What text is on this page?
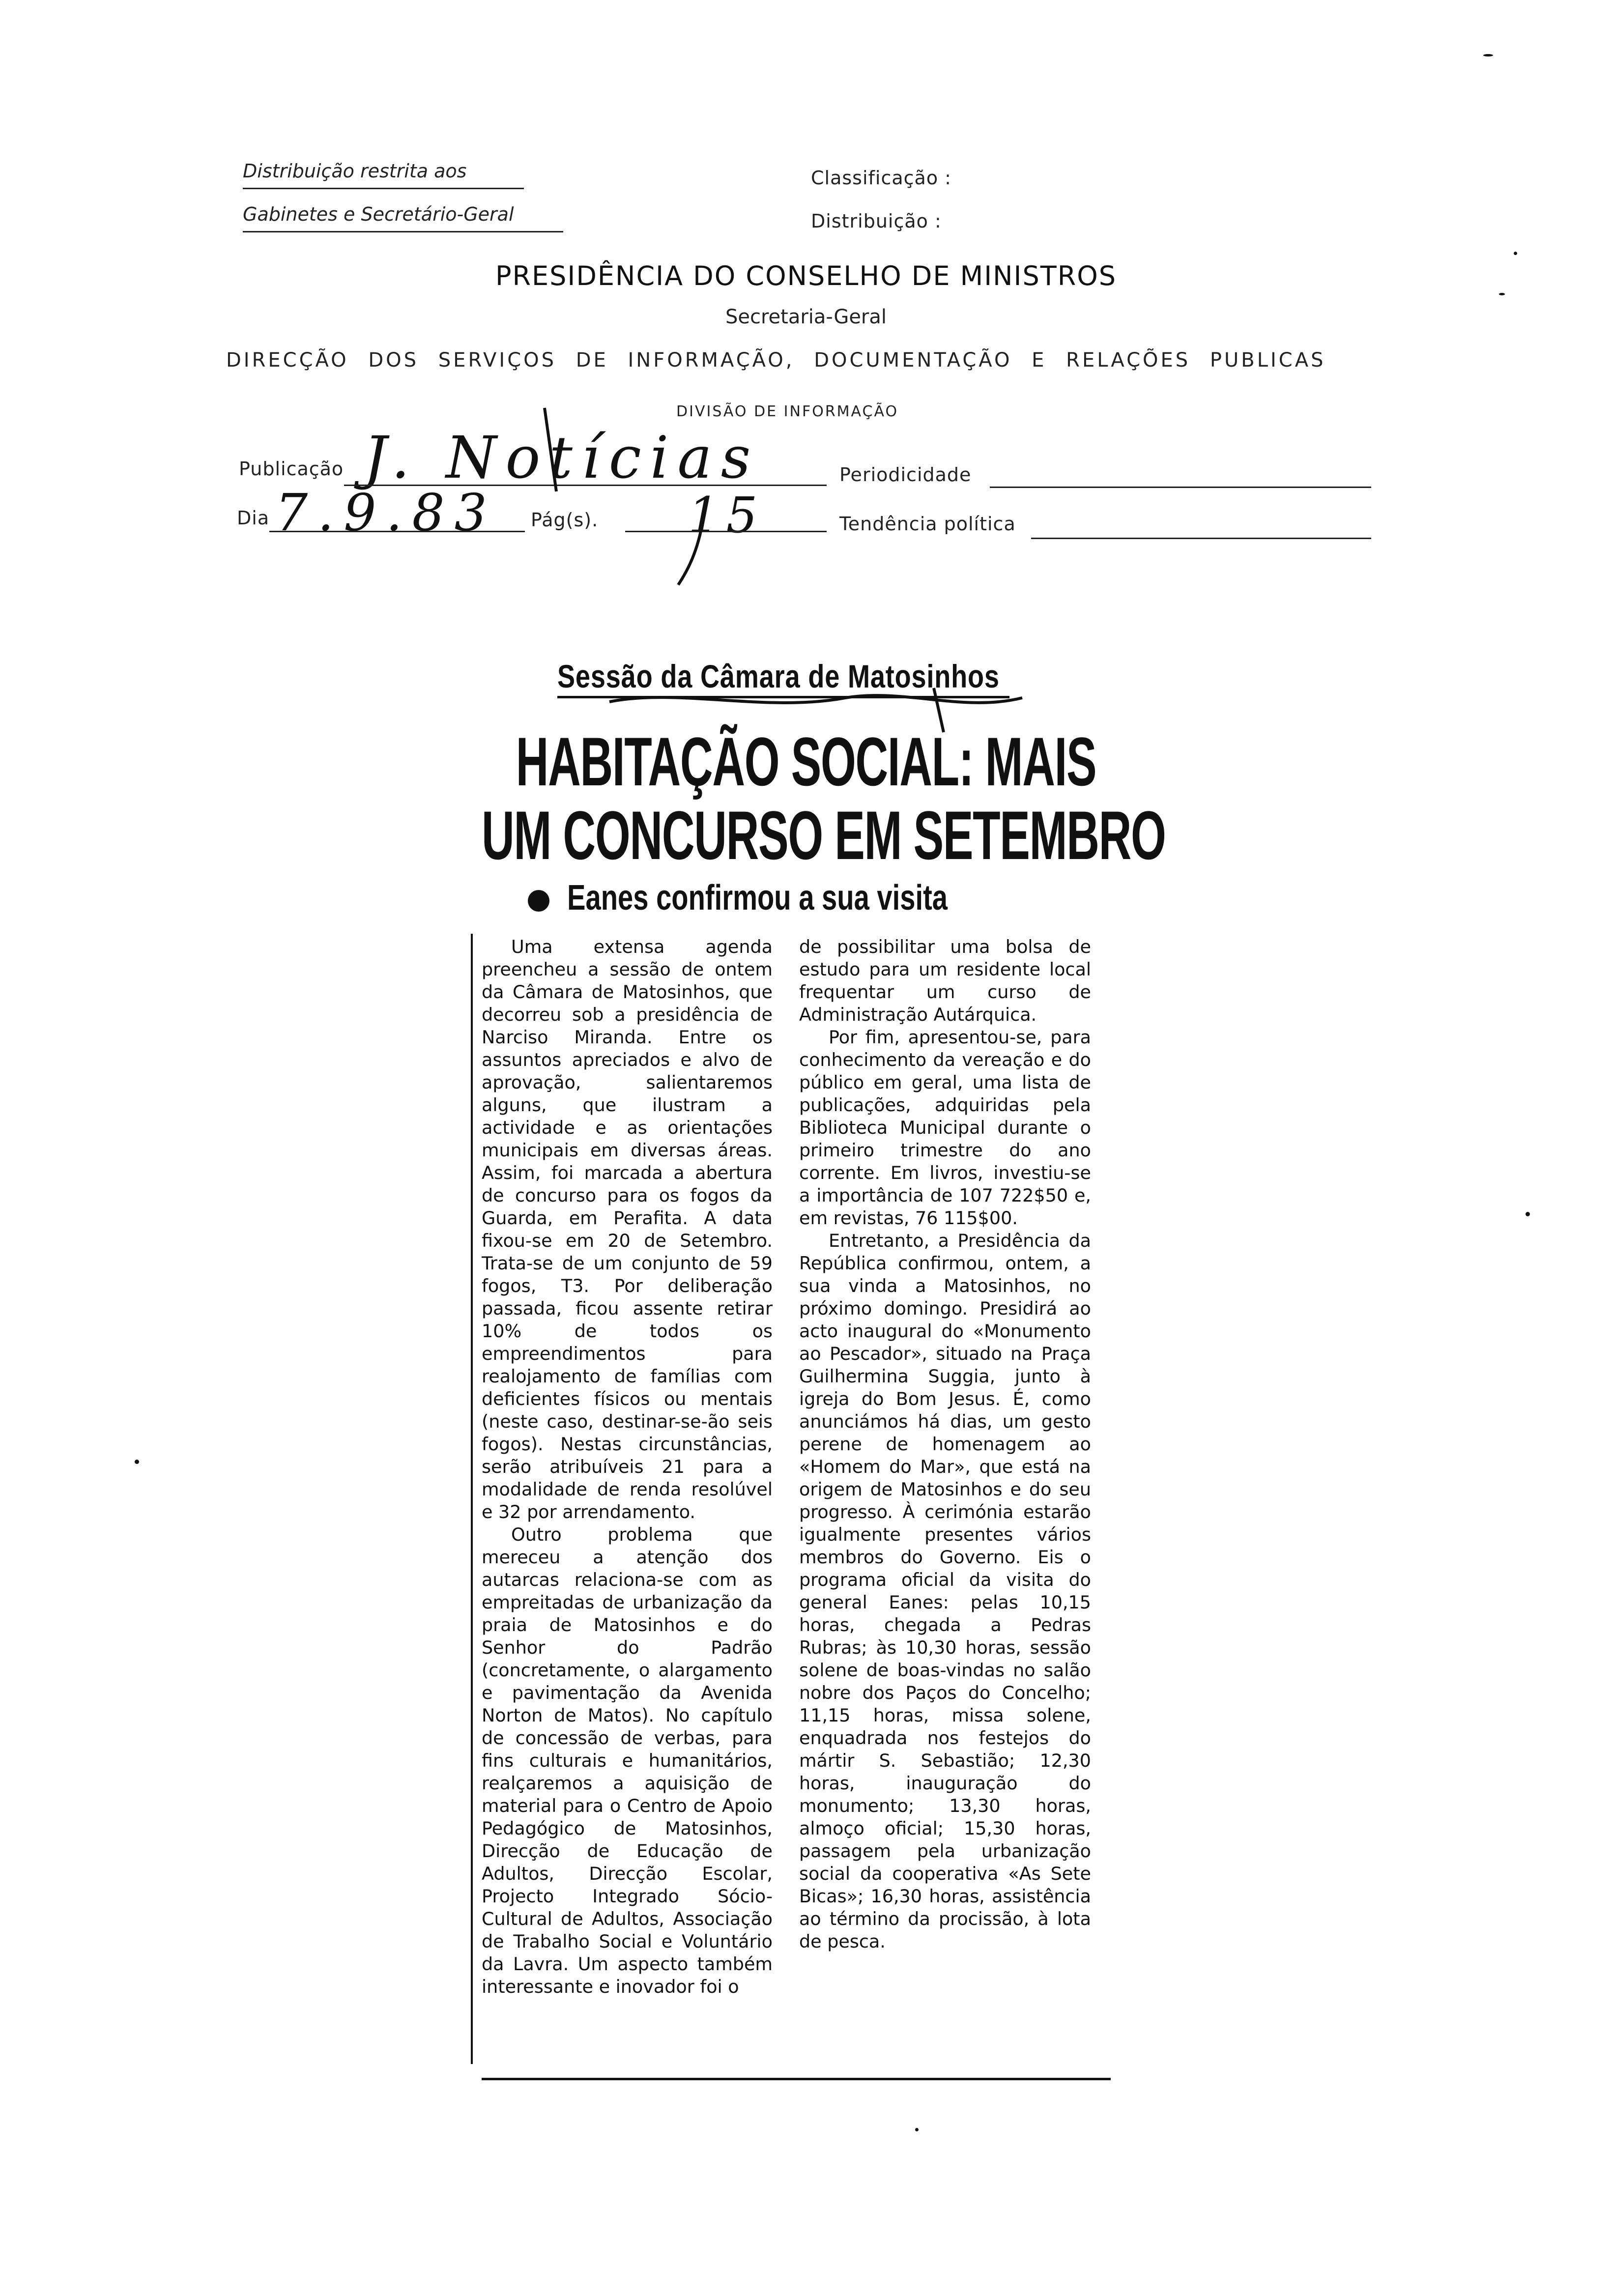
Distribuição restrita aos
Gabinetes e Secretário-Geral
Classificação :
Distribuição :
PRESIDÊNCIA DO CONSELHO DE MINISTROS
Secretaria-Geral
DIRECÇÃO DOS SERVIÇOS DE INFORMAÇÃO, DOCUMENTAÇÃO E RELAÇÕES PUBLICAS
DIVISÃO DE INFORMAÇÃO
Publicação J. Notícias	Periodicidade
Dia 7.9.83 Pág(s). 15	Tendência política
Sessão da Câmara de Matosinhos
HABITAÇÃO SOCIAL: MAIS
UM CONCURSO EM SETEMBRO
Eanes confirmou a sua visita

Uma extensa agenda preencheu a sessão de ontem da Câmara de Matosinhos, que decorreu sob a presidência de Narciso Miranda. Entre os assuntos apreciados e alvo de aprovação, salientaremos alguns, que ilustram a actividade e as orientações municipais em diversas áreas. Assim, foi marcada a abertura de concurso para os fogos da Guarda, em Perafita. A data fixou-se em 20 de Setembro. Trata-se de um conjunto de 59 fogos, T3. Por deliberação passada, ficou assente retirar 10% de todos os empreendimentos para realojamento de famílias com deficientes físicos ou mentais (neste caso, destinar-se-ão seis fogos). Nestas circunstâncias, serão atribuíveis 21 para a modalidade de renda resolúvel e 32 por arrendamento.

Outro problema que mereceu a atenção dos autarcas relaciona-se com as empreitadas de urbanização da praia de Matosinhos e do Senhor do Padrão (concretamente, o alargamento e pavimentação da Avenida Norton de Matos). No capítulo de concessão de verbas, para fins culturais e humanitários, realçaremos a aquisição de material para o Centro de Apoio Pedagógico de Matosinhos, Direcção de Educação de Adultos, Direcção Escolar, Projecto Integrado Sócio-Cultural de Adultos, Associação de Trabalho Social e Voluntário da Lavra. Um aspecto também interessante e inovador foi o

de possibilitar uma bolsa de estudo para um residente local frequentar um curso de Administração Autárquica.

Por fim, apresentou-se, para conhecimento da vereação e do público em geral, uma lista de publicações, adquiridas pela Biblioteca Municipal durante o primeiro trimestre do ano corrente. Em livros, investiu-se a importância de 107 722$50 e, em revistas, 76 115$00.

Entretanto, a Presidência da República confirmou, ontem, a sua vinda a Matosinhos, no próximo domingo. Presidirá ao acto inaugural do «Monumento ao Pescador», situado na Praça Guilhermina Suggia, junto à igreja do Bom Jesus. É, como anunciámos há dias, um gesto perene de homenagem ao «Homem do Mar», que está na origem de Matosinhos e do seu progresso. À cerimónia estarão igualmente presentes vários membros do Governo. Eis o programa oficial da visita do general Eanes: pelas 10,15 horas, chegada a Pedras Rubras; às 10,30 horas, sessão solene de boas-vindas no salão nobre dos Paços do Concelho; 11,15 horas, missa solene, enquadrada nos festejos do mártir S. Sebastião; 12,30 horas, inauguração do monumento; 13,30 horas, almoço oficial; 15,30 horas, passagem pela urbanização social da cooperativa «As Sete Bicas»; 16,30 horas, assistência ao término da procissão, à lota de pesca.
